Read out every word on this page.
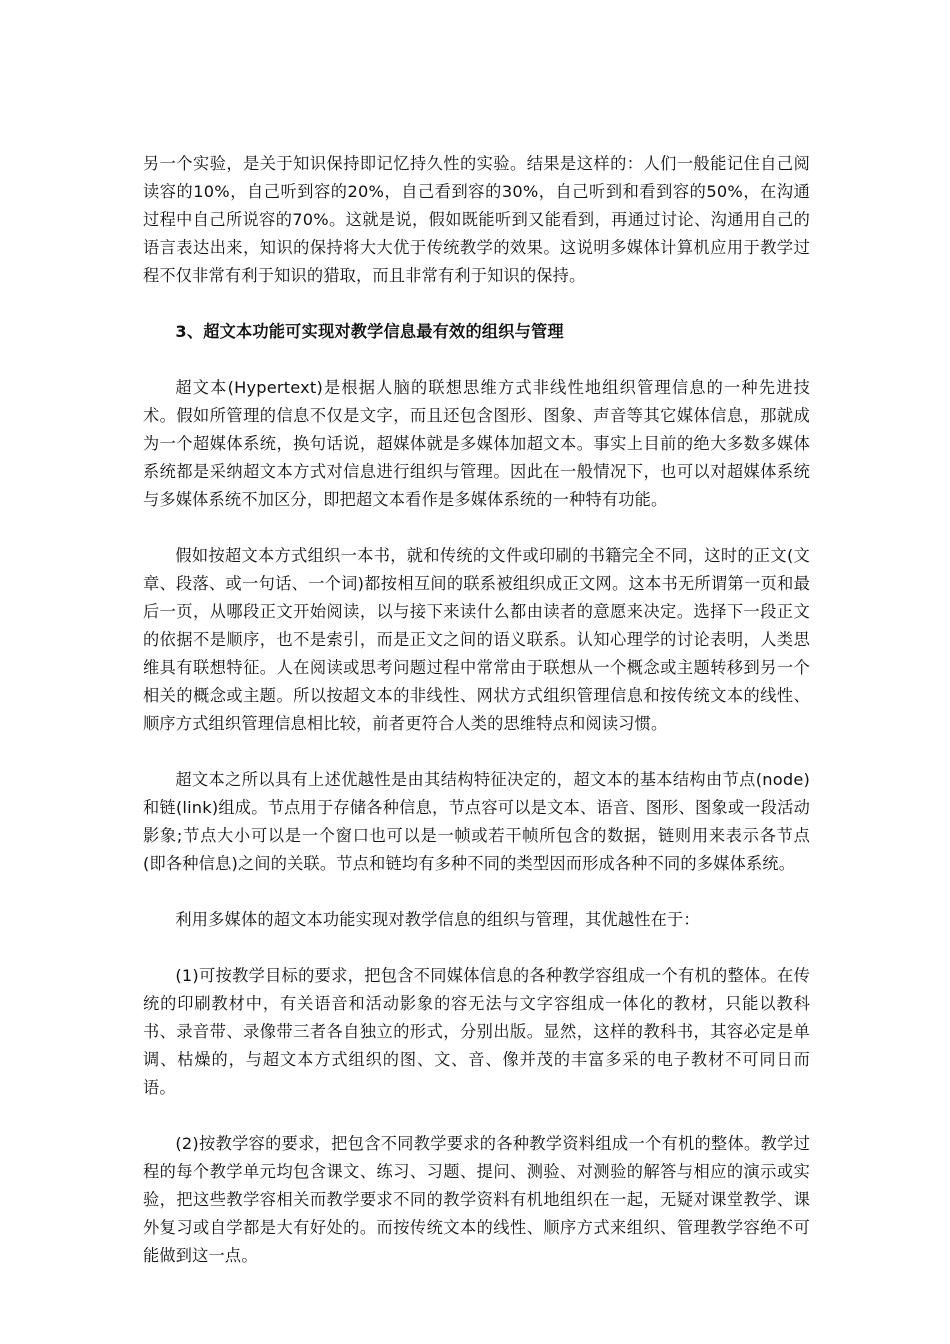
另一个实验，是关于知识保持即记忆持久性的实验。结果是这样的：人们一般能记住自己阅读容的10%，自己听到容的20%，自己看到容的30%，自己听到和看到容的50%，在沟通过程中自己所说容的70%。这就是说，假如既能听到又能看到，再通过讨论、沟通用自己的语言表达出来，知识的保持将大大优于传统教学的效果。这说明多媒体计算机应用于教学过程不仅非常有利于知识的猎取，而且非常有利于知识的保持。

3、超文本功能可实现对教学信息最有效的组织与管理

超文本(Hypertext)是根据人脑的联想思维方式非线性地组织管理信息的一种先进技术。假如所管理的信息不仅是文字，而且还包含图形、图象、声音等其它媒体信息，那就成为一个超媒体系统，换句话说，超媒体就是多媒体加超文本。事实上目前的绝大多数多媒体系统都是采纳超文本方式对信息进行组织与管理。因此在一般情况下，也可以对超媒体系统与多媒体系统不加区分，即把超文本看作是多媒体系统的一种特有功能。

假如按超文本方式组织一本书，就和传统的文件或印刷的书籍完全不同，这时的正文(文章、段落、或一句话、一个词)都按相互间的联系被组织成正文网。这本书无所谓第一页和最后一页，从哪段正文开始阅读，以与接下来读什么都由读者的意愿来决定。选择下一段正文的依据不是顺序，也不是索引，而是正文之间的语义联系。认知心理学的讨论表明，人类思维具有联想特征。人在阅读或思考问题过程中常常由于联想从一个概念或主题转移到另一个相关的概念或主题。所以按超文本的非线性、网状方式组织管理信息和按传统文本的线性、顺序方式组织管理信息相比较，前者更符合人类的思维特点和阅读习惯。

超文本之所以具有上述优越性是由其结构特征决定的，超文本的基本结构由节点(node)和链(link)组成。节点用于存储各种信息，节点容可以是文本、语音、图形、图象或一段活动影象;节点大小可以是一个窗口也可以是一帧或若干帧所包含的数据，链则用来表示各节点(即各种信息)之间的关联。节点和链均有多种不同的类型因而形成各种不同的多媒体系统。

利用多媒体的超文本功能实现对教学信息的组织与管理，其优越性在于：

(1)可按教学目标的要求，把包含不同媒体信息的各种教学容组成一个有机的整体。在传统的印刷教材中，有关语音和活动影象的容无法与文字容组成一体化的教材，只能以教科书、录音带、录像带三者各自独立的形式，分别出版。显然，这样的教科书，其容必定是单调、枯燥的，与超文本方式组织的图、文、音、像并茂的丰富多采的电子教材不可同日而语。

(2)按教学容的要求，把包含不同教学要求的各种教学资料组成一个有机的整体。教学过程的每个教学单元均包含课文、练习、习题、提问、测验、对测验的解答与相应的演示或实验，把这些教学容相关而教学要求不同的教学资料有机地组织在一起，无疑对课堂教学、课外复习或自学都是大有好处的。而按传统文本的线性、顺序方式来组织、管理教学容绝不可能做到这一点。
